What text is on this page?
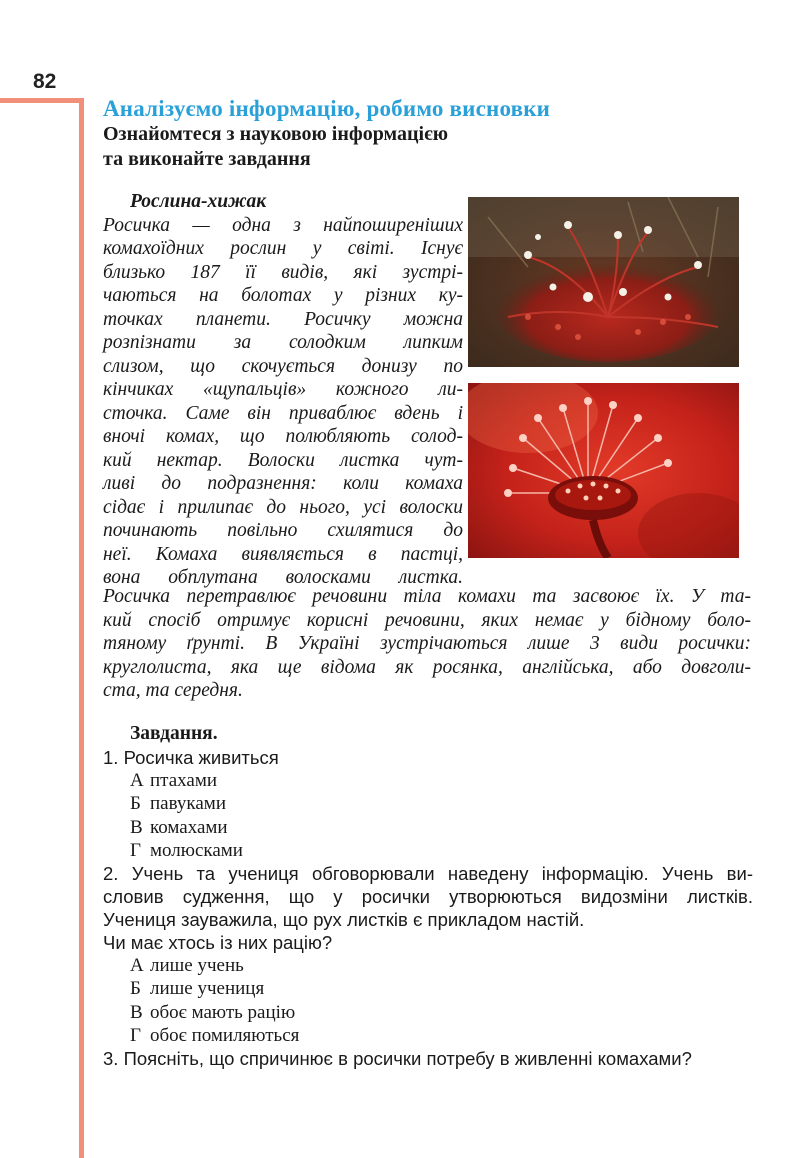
82
Аналізуємо інформацію, робимо висновки
Ознайомтеся з науковою інформацією
та виконайте завдання
Рослина-хижак
Росичка — одна з найпоширеніших
комахоїдних рослин у світі. Існує
близько 187 її видів, які зустрі-
чаються на болотах у різних ку-
точках планети. Росичку можна
розпізнати за солодким липким
слизом, що скочується донизу по
кінчиках «щупальців» кожного ли-
сточка. Саме він приваблює вдень і
вночі комах, що полюбляють солод-
кий нектар. Волоски листка чут-
ливі до подразнення: коли комаха
сідає і прилипає до нього, усі волоски
починають повільно схилятися до
неї. Комаха виявляється в пастці,
вона обплутана волосками листка.
Росичка перетравлює речовини тіла комахи та засвоює їх. У та-
кий спосіб отримує корисні речовини, яких немає у бідному боло-
тяному ґрунті. В Україні зустрічаються лише 3 види росички:
круглолиста, яка ще відома як росянка, англійська, або довголи-
ста, та середня.
Завдання.
1. Росичка живиться
А птахами
Б павуками
В комахами
Г молюсками
2. Учень та учениця обговорювали наведену інформацію. Учень ви-
словив судження, що у росички утворюються видозміни листків.
Учениця зауважила, що рух листків є прикладом настій.
Чи має хтось із них рацію?
А лише учень
Б лише учениця
В обоє мають рацію
Г обоє помиляються
3. Поясніть, що спричинює в росички потребу в живленні комахами?
